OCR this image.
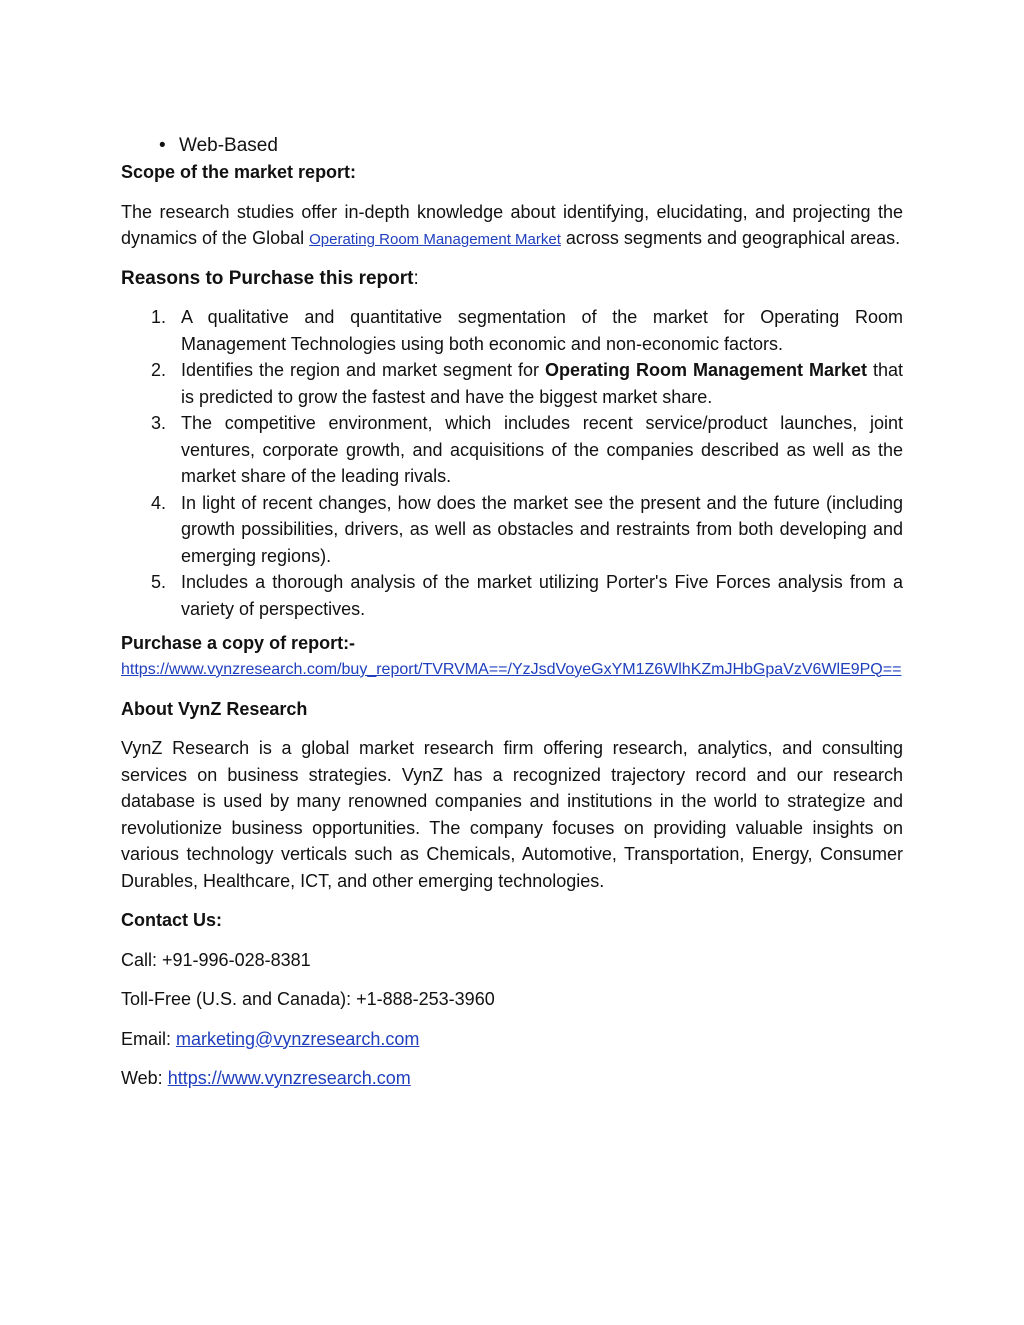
• Web-Based

Scope of the market report:

The research studies offer in-depth knowledge about identifying, elucidating, and projecting the dynamics of the Global Operating Room Management Market across segments and geographical areas.

Reasons to Purchase this report:

1. A qualitative and quantitative segmentation of the market for Operating Room Management Technologies using both economic and non-economic factors.
2. Identifies the region and market segment for Operating Room Management Market that is predicted to grow the fastest and have the biggest market share.
3. The competitive environment, which includes recent service/product launches, joint ventures, corporate growth, and acquisitions of the companies described as well as the market share of the leading rivals.
4. In light of recent changes, how does the market see the present and the future (including growth possibilities, drivers, as well as obstacles and restraints from both developing and emerging regions).
5. Includes a thorough analysis of the market utilizing Porter's Five Forces analysis from a variety of perspectives.

Purchase a copy of report:-

https://www.vynzresearch.com/buy_report/TVRVMA==/YzJsdVoyeGxYM1Z6WlhKZmJHbGpaVzV6WlE9PQ==

About VynZ Research

VynZ Research is a global market research firm offering research, analytics, and consulting services on business strategies. VynZ has a recognized trajectory record and our research database is used by many renowned companies and institutions in the world to strategize and revolutionize business opportunities. The company focuses on providing valuable insights on various technology verticals such as Chemicals, Automotive, Transportation, Energy, Consumer Durables, Healthcare, ICT, and other emerging technologies.

Contact Us:

Call: +91-996-028-8381

Toll-Free (U.S. and Canada): +1-888-253-3960

Email: marketing@vynzresearch.com

Web: https://www.vynzresearch.com
